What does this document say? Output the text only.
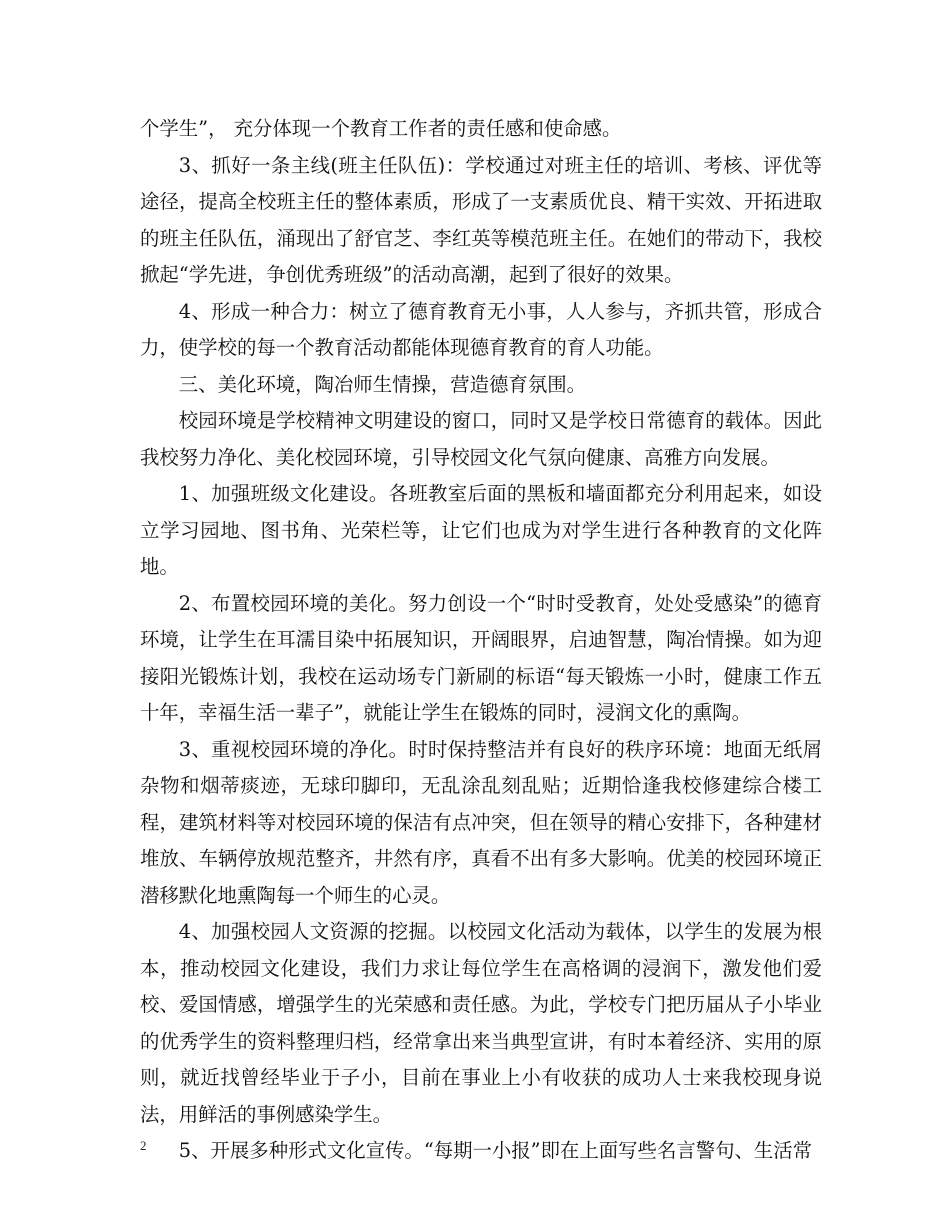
个学生”， 充分体现一个教育工作者的责任感和使命感。

3、抓好一条主线(班主任队伍)：学校通过对班主任的培训、考核、评优等途径，提高全校班主任的整体素质，形成了一支素质优良、精干实效、开拓进取的班主任队伍，涌现出了舒官芝、李红英等模范班主任。在她们的带动下，我校掀起“学先进，争创优秀班级”的活动高潮，起到了很好的效果。

4、形成一种合力：树立了德育教育无小事，人人参与，齐抓共管，形成合力，使学校的每一个教育活动都能体现德育教育的育人功能。

三、美化环境，陶冶师生情操，营造德育氛围。

校园环境是学校精神文明建设的窗口，同时又是学校日常德育的载体。因此我校努力净化、美化校园环境，引导校园文化气氛向健康、高雅方向发展。

1、加强班级文化建设。各班教室后面的黑板和墙面都充分利用起来，如设立学习园地、图书角、光荣栏等，让它们也成为对学生进行各种教育的文化阵地。

2、布置校园环境的美化。努力创设一个“时时受教育，处处受感染”的德育环境，让学生在耳濡目染中拓展知识，开阔眼界，启迪智慧，陶冶情操。如为迎接阳光锻炼计划，我校在运动场专门新刷的标语“每天锻炼一小时，健康工作五十年，幸福生活一辈子”，就能让学生在锻炼的同时，浸润文化的熏陶。

3、重视校园环境的净化。时时保持整洁并有良好的秩序环境：地面无纸屑杂物和烟蒂痰迹，无球印脚印，无乱涂乱刻乱贴；近期恰逢我校修建综合楼工程，建筑材料等对校园环境的保洁有点冲突，但在领导的精心安排下，各种建材堆放、车辆停放规范整齐，井然有序，真看不出有多大影响。优美的校园环境正潜移默化地熏陶每一个师生的心灵。

4、加强校园人文资源的挖掘。以校园文化活动为载体，以学生的发展为根本，推动校园文化建设，我们力求让每位学生在高格调的浸润下，激发他们爱校、爱国情感，增强学生的光荣感和责任感。为此，学校专门把历届从子小毕业的优秀学生的资料整理归档，经常拿出来当典型宣讲，有时本着经济、实用的原则，就近找曾经毕业于子小，目前在事业上小有收获的成功人士来我校现身说法，用鲜活的事例感染学生。

5、开展多种形式文化宣传。“每期一小报”即在上面写些名言警句、生活常

2
